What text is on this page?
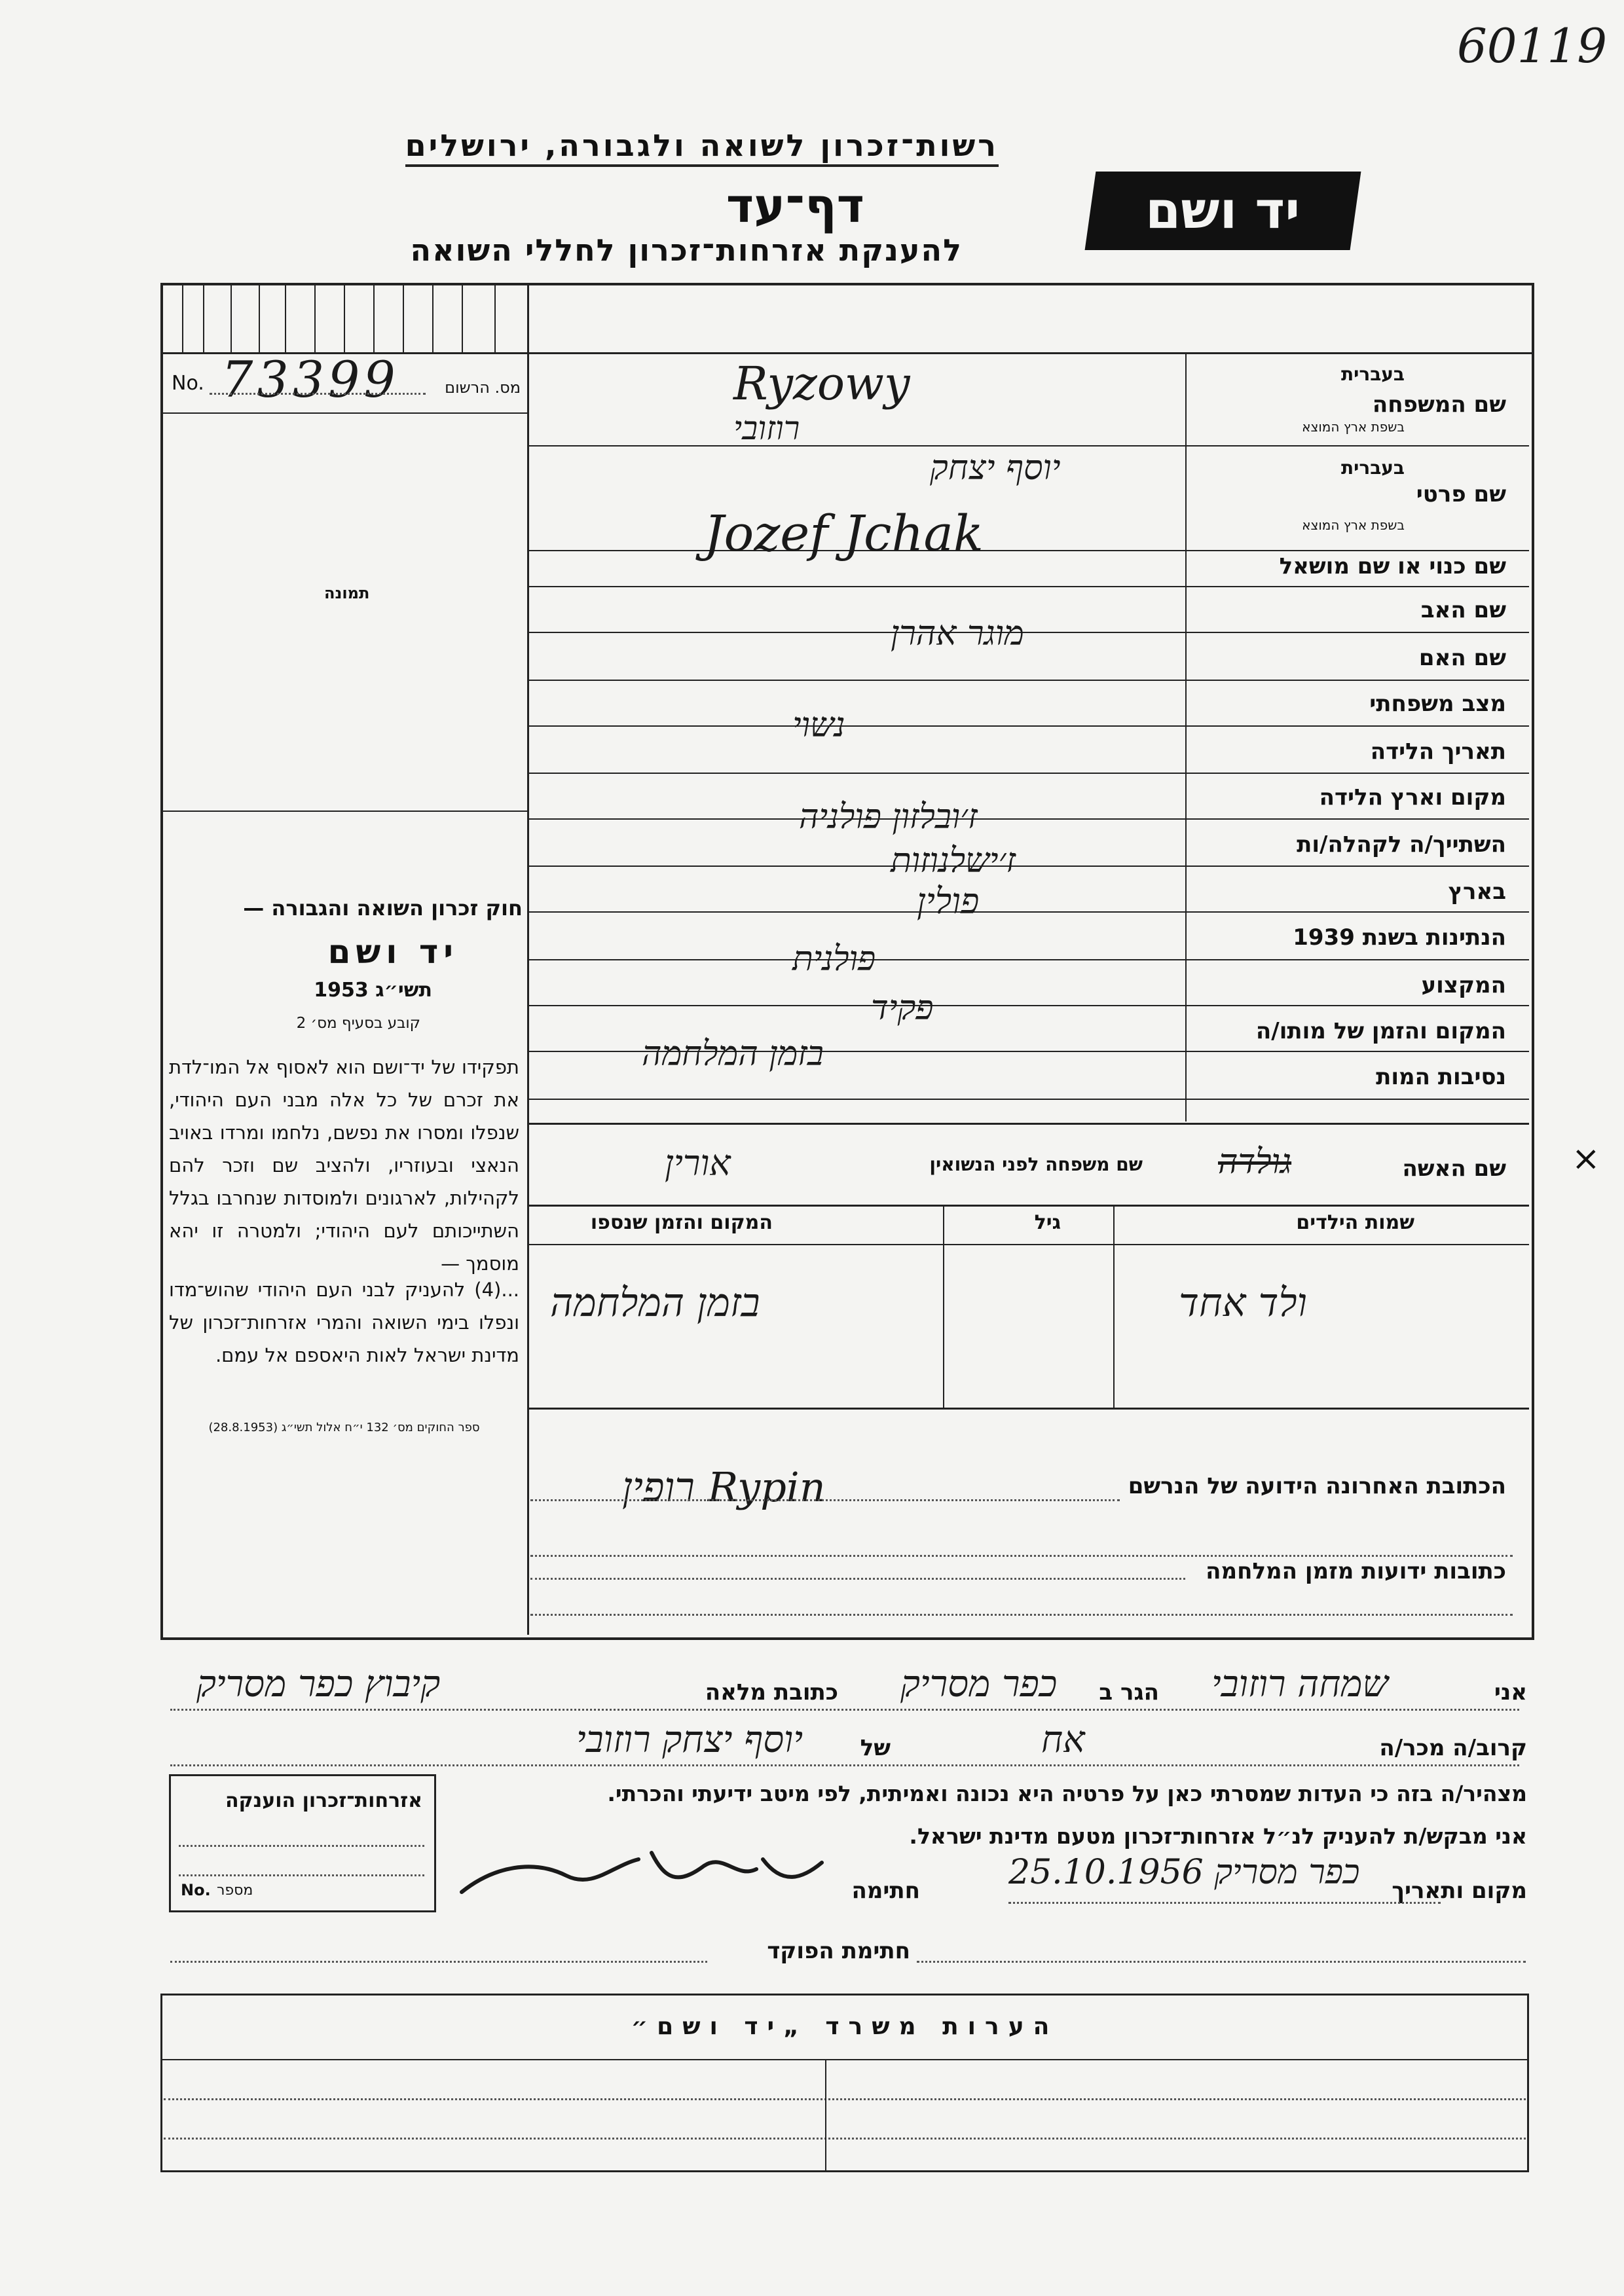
60119
רשות־זכרון לשואה ולגבורה, ירושלים
דף־עד
להענקת אזרחות־זכרון לחללי השואה
יד ושם
No. 73399	מס. הרשום
תמונה
חוק זכרון השואה והגבורה —
יד ושם
תשי״ג 1953
קובע בסעיף מס׳ 2
תפקידו של יד־ושם הוא לאסוף אל המו־לדת את זכרם של כל אלה מבני העם היהודי, שנפלו ומסרו את נפשם, נלחמו ומרדו באויב הנאצי ובעוזריו, ולהציב שם וזכר להם לקהילות, לארגונים ולמוסדות שנחרבו בגלל השתייכותם לעם היהודי; ולמטרה זו יהא מוסמך —
...(4) להעניק לבני העם היהודי שהוש־מדו ונפלו בימי השואה והמרי אזרחות־זכרון של מדינת ישראל לאות היאספם אל עמם.
ספר החוקים מס׳ 132 י״ח אלול תשי״ג (28.8.1953)
שם המשפחה
בעברית
בשפת ארץ המוצא
Ryzowy
רוזובי
שם פרטי
בעברית
בשפת ארץ המוצא
יוסף יצחק
Jozef Jchak
שם כנוי או שם מושאל
שם האב
שם האם
מוגר אהרן
מצב משפחתי
נשוי
תאריך הלידה
מקום וארץ הלידה
ז׳ובלזון פולניה
השתייך/ה לקהלה/ות
ז׳ישלנוזות
בארץ
פולין
הנתינות בשנת 1939
פולנית
המקצוע
פקיד
המקום והזמן של מותו/ה
בזמן המלחמה
נסיבות המות
שם האשה
גולדה
שם משפחה לפני הנשואין
אורין	×
שמות הילדים
גיל
המקום והזמן שנספו
ולד אחד
בזמן המלחמה
הכתובת האחרונה הידועה של הנרשם
רופין Rypin
כתובות ידועות מזמן המלחמה
אני
שמחה רוזובי
הגר ב
כפר מסריק
כתובת מלאה
קיבוץ כפר מסריק
קרוב/ה מכר/ה
אח
של
יוסף יצחק רוזובי
מצהיר/ה בזה כי העדות שמסרתי כאן על פרטיה היא נכונה ואמיתית, לפי מיטב ידיעתי והכרתי.
אני מבקש/ת להעניק לנ״ל אזרחות־זכרון מטעם מדינת ישראל.
מקום ותאריך
כפר מסריק 25.10.1956
חתימה
אזרחות־זכרון הוענקה
No. מספר
חתימת הפוקד
הערות משרד „יד ושם״
